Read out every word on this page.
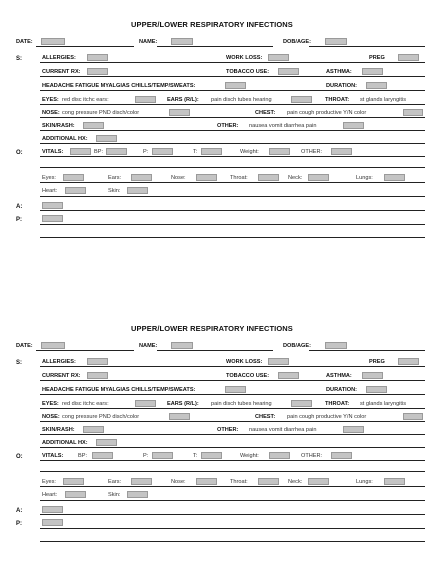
UPPER/LOWER RESPIRATORY INFECTIONS
DATE:	NAME:	DOB/AGE:
S:	ALLERGIES:	WORK LOSS:	PREG
CURRENT RX:	TOBACCO USE:	ASTHMA:
HEADACHE FATIGUE MYALGIAS CHILLS/TEMP/SWEATS:	DURATION:
EYES: red disc itchc ears:	EARS (R/L): pain disch tubes hearing	THROAT: st glands laryngitis
NOSE: cong pressure PND disch/color	CHEST: pain cough productive Y/N color
SKIN/RASH:	OTHER: nausea vomit diarrhea pain
ADDITIONAL HX:
O:	VITALS:	BP:	P:	T:	Weight:	OTHER:
Eyes:	Ears:	Nose:	Throat:	Neck:	Lungs:
Heart:	Skin:
A:
P:
UPPER/LOWER RESPIRATORY INFECTIONS
DATE:	NAME:	DOB/AGE:
S:	ALLERGIES:	WORK LOSS:	PREG
CURRENT RX:	TOBACCO USE:	ASTHMA:
HEADACHE FATIGUE MYALGIAS CHILLS/TEMP/SWEATS:	DURATION:
EYES: red disc itchc ears:	EARS (R/L): pain disch tubes hearing	THROAT: st glands laryngitis
NOSE: cong pressure PND disch/color	CHEST: pain cough productive Y/N color
SKIN/RASH:	OTHER: nausea vomit diarrhea pain
ADDITIONAL HX:
O:	VITALS:	BP:	P:	T:	Weight:	OTHER:
Eyes:	Ears:	Nose:	Throat:	Neck:	Lungs:
Heart:	Skin:
A:
P:
